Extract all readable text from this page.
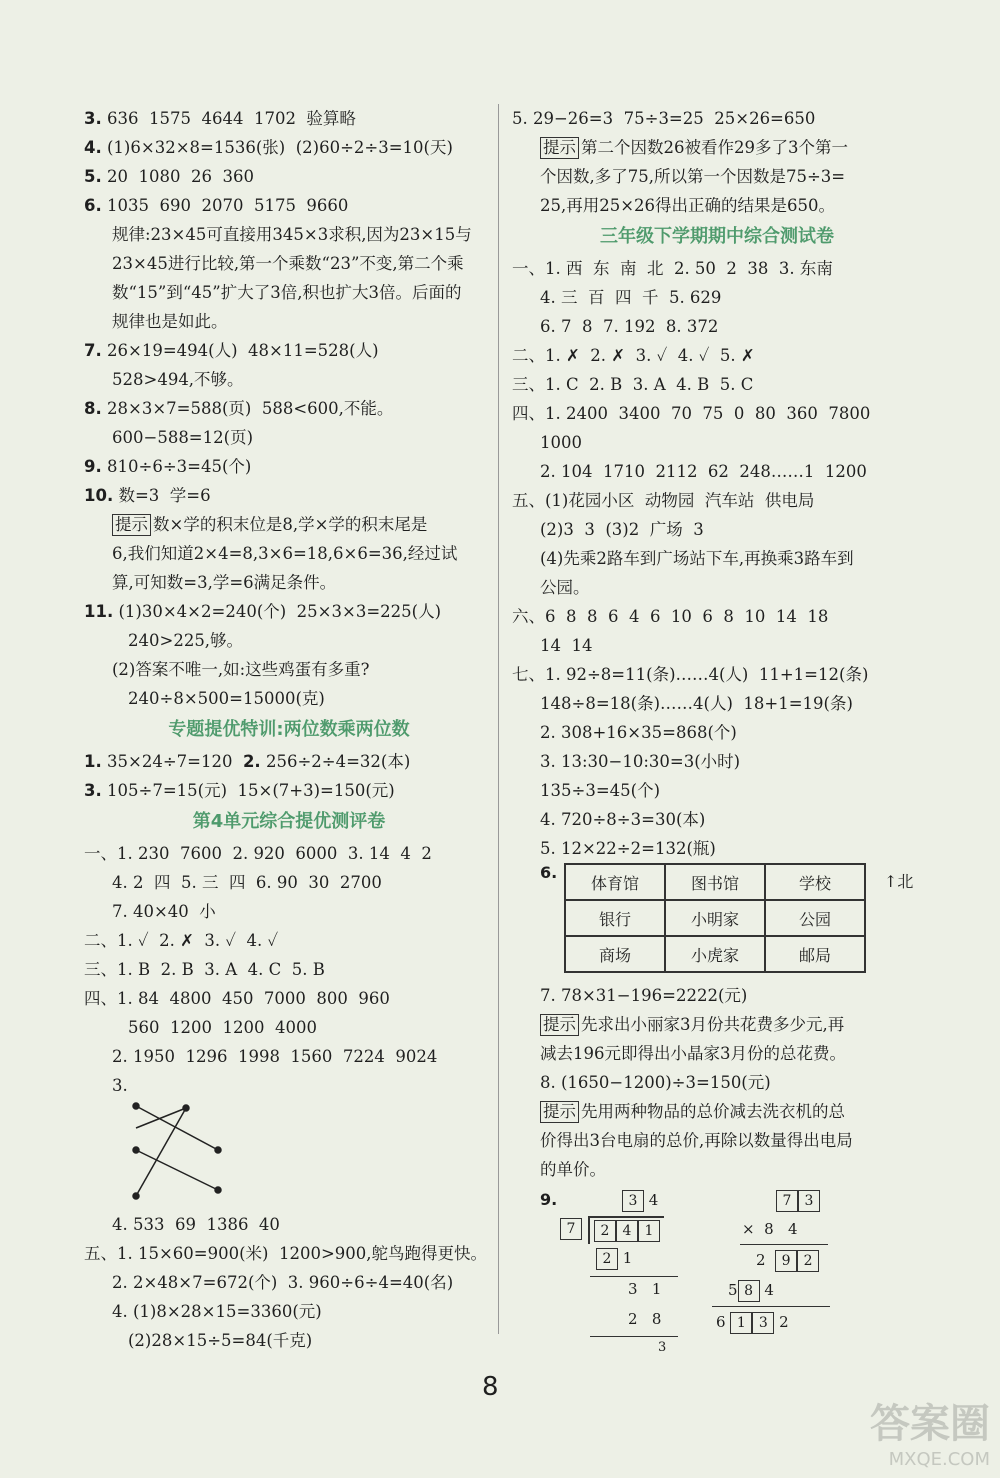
3. 636  1575  4644  1702  验算略
4. (1)6×32×8=1536(张)  (2)60÷2÷3=10(天)
5. 20  1080  26  360
6. 1035  690  2070  5175  9660
规律:23×45可直接用345×3求积,因为23×15与
23×45进行比较,第一个乘数“23”不变,第二个乘
数“15”到“45”扩大了3倍,积也扩大3倍。后面的
规律也是如此。
7. 26×19=494(人)  48×11=528(人)
528>494,不够。
8. 28×3×7=588(页)  588<600,不能。
600−588=12(页)
9. 810÷6÷3=45(个)
10. 数=3  学=6
提示 数×学的积末位是8,学×学的积末尾是
6,我们知道2×4=8,3×6=18,6×6=36,经过试
算,可知数=3,学=6满足条件。
11. (1)30×4×2=240(个)  25×3×3=225(人)
240>225,够。
(2)答案不唯一,如:这些鸡蛋有多重?
240÷8×500=15000(克)
专题提优特训:两位数乘两位数
1. 35×24÷7=120  2. 256÷2÷4=32(本)
3. 105÷7=15(元)  15×(7+3)=150(元)
第4单元综合提优测评卷
一、1. 230  7600  2. 920  6000  3. 14  4  2
4. 2  四  5. 三  四  6. 90  30  2700
7. 40×40  小
二、1. ✓  2. ✗  3. ✓  4. ✓
三、1. B  2. B  3. A  4. C  5. B
四、1. 84  4800  450  7000  800  960
560  1200  1200  4000
2. 1950  1296  1998  1560  7224  9024
3.
4. 533  69  1386  40
五、1. 15×60=900(米)  1200>900,鸵鸟跑得更快。
2. 2×48×7=672(个)  3. 960÷6÷4=40(名)
4. (1)8×28×15=3360(元)
(2)28×15÷5=84(千克)
5. 29−26=3  75÷3=25  25×26=650
提示 第二个因数26被看作29多了3个第一
个因数,多了75,所以第一个因数是75÷3=
25,再用25×26得出正确的结果是650。
三年级下学期期中综合测试卷
一、1. 西  东  南  北  2. 50  2  38  3. 东南
4. 三  百  四  千  5. 629
6. 7  8  7. 192  8. 372
二、1. ✗  2. ✗  3. ✓  4. ✓  5. ✗
三、1. C  2. B  3. A  4. B  5. C
四、1. 2400  3400  70  75  0  80  360  7800
1000
2. 104  1710  2112  62  248……1  1200
五、(1)花园小区  动物园  汽车站  供电局
(2)3  3  (3)2  广场  3
(4)先乘2路车到广场站下车,再换乘3路车到
公园。
六、6  8  8  6  4  6  10  6  8  10  14  18
14  14
七、1. 92÷8=11(条)……4(人)  11+1=12(条)
148÷8=18(条)……4(人)  18+1=19(条)
2. 308+16×35=868(个)
3. 13:30−10:30=3(小时)
135÷3=45(个)
4. 720÷8÷3=30(本)
5. 12×22÷2=132(瓶)
6.
体育馆	图书馆	学校
银行	小明家	公园
商场	小虎家	邮局
↑北
7. 78×31−196=2222(元)
提示 先求出小丽家3月份共花费多少元,再
减去196元即得出小晶家3月份的总花费。
8. (1650−1200)÷3=150(元)
提示 先用两种物品的总价减去洗衣机的总
价得出3台电扇的总价,再除以数量得出电局
的单价。
9.	3 4
7	2 4 1
2 1
3 1
2 8
3
7 3
× 8 4
2 9 2
5 8 4
6 1 3 2
8
答案圈
MXQE.COM
